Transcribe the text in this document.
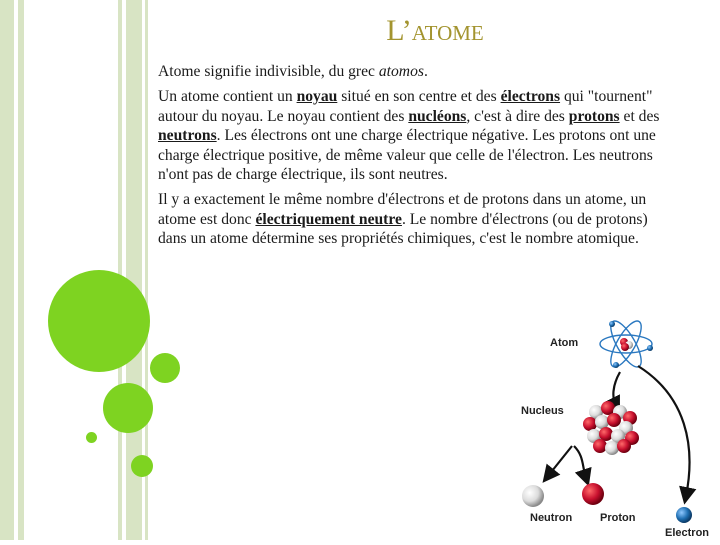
L’atome

Atome signifie indivisible, du grec atomos.

Un atome contient un noyau situé en son centre et des électrons qui "tournent" autour du noyau. Le noyau contient des nucléons, c'est à dire des protons et des neutrons. Les électrons ont une charge électrique négative. Les protons ont une charge électrique positive, de même valeur que celle de l'électron. Les neutrons n'ont pas de charge électrique, ils sont neutres.

Il y a exactement le même nombre d'électrons et de protons dans un atome, un atome est donc électriquement neutre. Le nombre d'électrons (ou de protons) dans un atome détermine ses propriétés chimiques, c'est le nombre atomique.

Atom
Nucleus
Neutron	Proton
Electron
